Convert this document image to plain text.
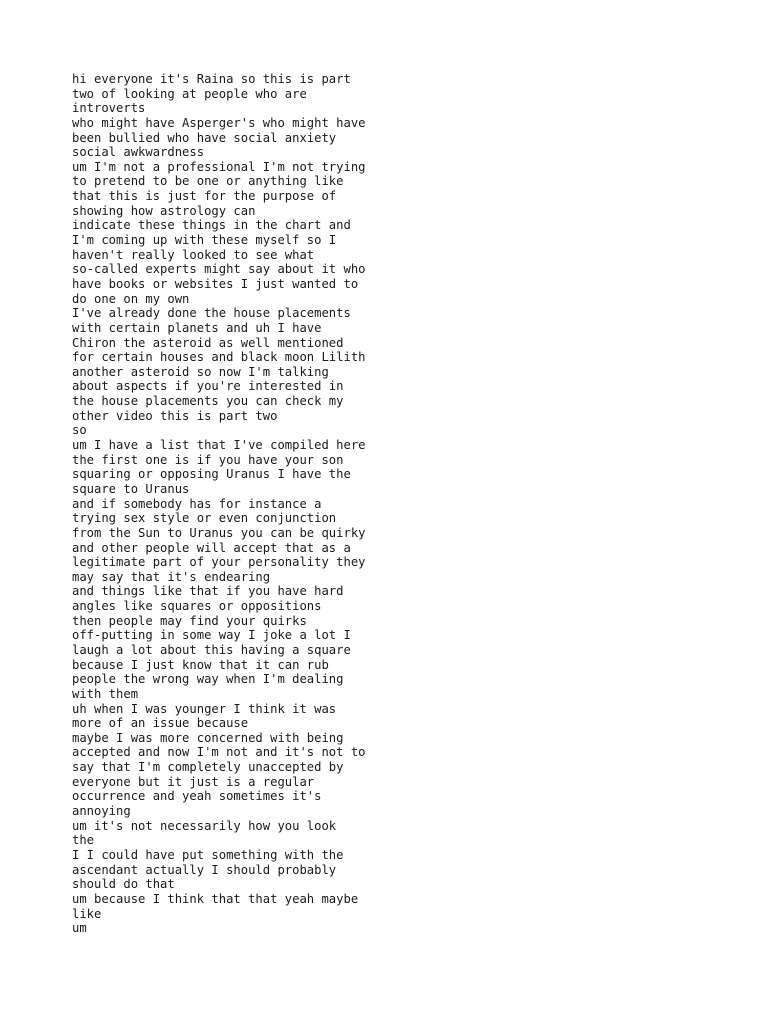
hi everyone it's Raina so this is part
two of looking at people who are
introverts
who might have Asperger's who might have
been bullied who have social anxiety
social awkwardness
um I'm not a professional I'm not trying
to pretend to be one or anything like
that this is just for the purpose of
showing how astrology can
indicate these things in the chart and
I'm coming up with these myself so I
haven't really looked to see what
so-called experts might say about it who
have books or websites I just wanted to
do one on my own
I've already done the house placements
with certain planets and uh I have
Chiron the asteroid as well mentioned
for certain houses and black moon Lilith
another asteroid so now I'm talking
about aspects if you're interested in
the house placements you can check my
other video this is part two
so
um I have a list that I've compiled here
the first one is if you have your son
squaring or opposing Uranus I have the
square to Uranus
and if somebody has for instance a
trying sex style or even conjunction
from the Sun to Uranus you can be quirky
and other people will accept that as a
legitimate part of your personality they
may say that it's endearing
and things like that if you have hard
angles like squares or oppositions
then people may find your quirks
off-putting in some way I joke a lot I
laugh a lot about this having a square
because I just know that it can rub
people the wrong way when I'm dealing
with them
uh when I was younger I think it was
more of an issue because
maybe I was more concerned with being
accepted and now I'm not and it's not to
say that I'm completely unaccepted by
everyone but it just is a regular
occurrence and yeah sometimes it's
annoying
um it's not necessarily how you look
the
I I could have put something with the
ascendant actually I should probably
should do that
um because I think that that yeah maybe
like
um
